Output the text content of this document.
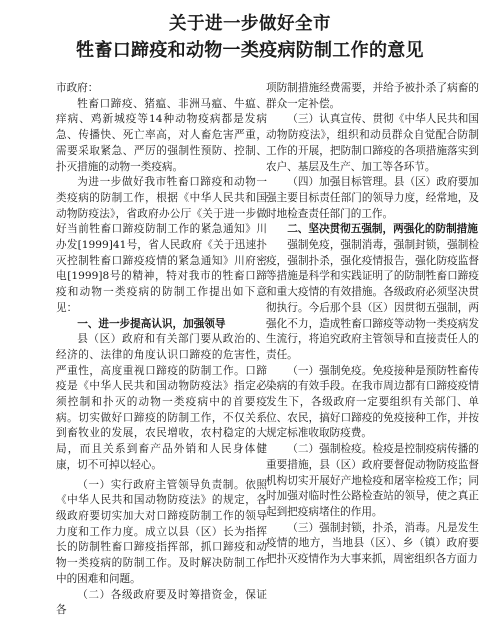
关于进一步做好全市
牲畜口蹄疫和动物一类疫病防制工作的意见

市政府：

牲畜口蹄疫、猪瘟、非洲马瘟、牛瘟、痒病、鸡新城疫等14种动物疫病都是发病急、传播快、死亡率高，对人畜危害严重，需要采取紧急、严厉的强制性预防、控制、扑灭措施的动物一类疫病。

为进一步做好我市牲畜口蹄疫和动物一类疫病的防制工作，根据《中华人民共和国动物防疫法》，省政府办公厅《关于进一步做好当前牲畜口蹄疫防制工作的紧急通知》川办发[1999]41号，省人民政府《关于迅速扑灭控制牲畜口蹄疫疫情的紧急通知》川府密电[1999]8号的精神，特对我市的牲畜口蹄疫和动物一类疫病的防制工作提出如下意见：

一、进一步提高认识，加强领导

县（区）政府和有关部门要从政治的、经济的、法律的角度认识口蹄疫的危害性，严重性，高度重视口蹄疫的防制工作。口蹄疫是《中华人民共和国动物防疫法》指定必须控制和扑灭的动物一类疫病中的首要疫病。切实做好口蹄疫的防制工作，不仅关系到畜牧业的发展，农民增收，农村稳定的大局，而且关系到畜产品外销和人民身体健康，切不可掉以轻心。

（一）实行政府主管领导负责制。依照《中华人民共和国动物防疫法》的规定，各级政府要切实加大对口蹄疫防制工作的领导力度和工作力度。成立以县（区）长为指挥长的防制牲畜口蹄疫指挥部，抓口蹄疫和动物一类疫病的防制工作。及时解决防制工作中的困难和问题。

（二）各级政府要及时筹措资金，保证各

项防制措施经费需要，并给予被扑杀了病畜的群众一定补偿。

（三）认真宣传、贯彻《中华人民共和国动物防疫法》，组织和动员群众自觉配合防制工作的开展，把防制口蹄疫的各项措施落实到农户、基层及生产、加工等各环节。

（四）加强目标管理。县（区）政府要加强主要目标责任部门的领导力度，经常地，及时地检查责任部门的工作。

二、坚决贯彻五强制，两强化的防制措施

强制免疫，强制消毒，强制封锁，强制检疫，强制扑杀，强化疫情报告，强化防疫监督等措施是科学和实践证明了的防制牲畜口蹄疫和重大疫情的有效措施。各级政府必须坚决贯彻执行。今后那个县（区）因贯彻五强制，两强化不力，造成牲畜口蹄疫等动物一类疫病发生流行，将追究政府主管领导和直接责任人的责任。

（一）强制免疫。免疫接种是预防牲畜传染病的有效手段。在我市周边都有口蹄疫疫情发生下，各级政府一定要组织有关部门、单位、农民，搞好口蹄疫的免疫接种工作，并按规定标准收取防疫费。

（二）强制检疫。检疫是控制疫病传播的重要措施，县（区）政府要督促动物防疫监督机构切实开展好产地检疫和屠宰检疫工作；同时加强对临时性公路检查站的领导，使之真正起到把疫病堵住的作用。

（三）强制封锁，扑杀，消毒。凡是发生疫情的地方，当地县（区）、乡（镇）政府要把扑灭疫情作为大事来抓，周密组织各方面力
